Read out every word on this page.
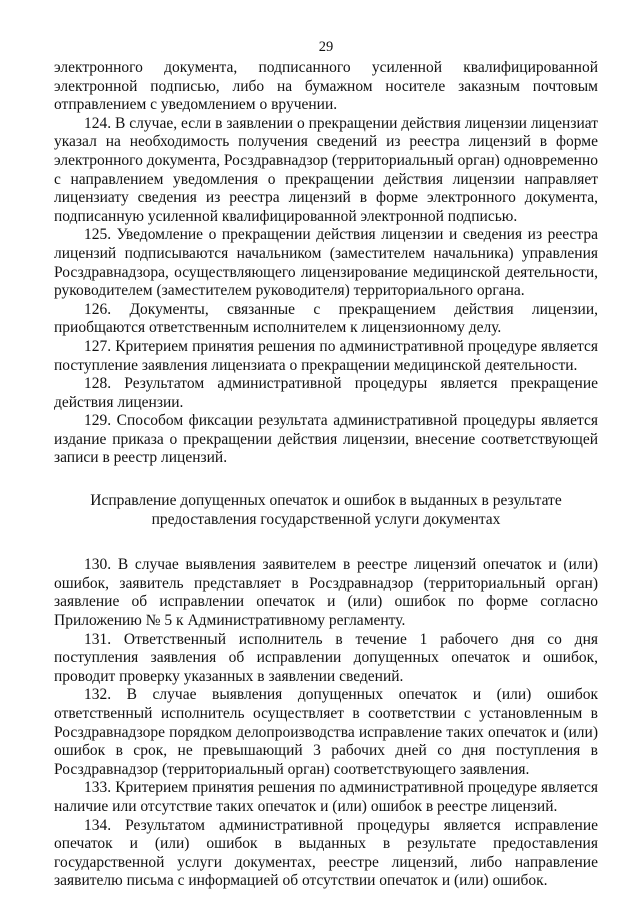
29

электронного документа, подписанного усиленной квалифицированной электронной подписью, либо на бумажном носителе заказным почтовым отправлением с уведомлением о вручении.

124. В случае, если в заявлении о прекращении действия лицензии лицензиат указал на необходимость получения сведений из реестра лицензий в форме электронного документа, Росздравнадзор (территориальный орган) одновременно с направлением уведомления о прекращении действия лицензии направляет лицензиату сведения из реестра лицензий в форме электронного документа, подписанную усиленной квалифицированной электронной подписью.

125. Уведомление о прекращении действия лицензии и сведения из реестра лицензий подписываются начальником (заместителем начальника) управления Росздравнадзора, осуществляющего лицензирование медицинской деятельности, руководителем (заместителем руководителя) территориального органа.

126. Документы, связанные с прекращением действия лицензии, приобщаются ответственным исполнителем к лицензионному делу.

127. Критерием принятия решения по административной процедуре является поступление заявления лицензиата о прекращении медицинской деятельности.

128. Результатом административной процедуры является прекращение действия лицензии.

129. Способом фиксации результата административной процедуры является издание приказа о прекращении действия лицензии, внесение соответствующей записи в реестр лицензий.

Исправление допущенных опечаток и ошибок в выданных в результате
предоставления государственной услуги документах

130. В случае выявления заявителем в реестре лицензий опечаток и (или) ошибок, заявитель представляет в Росздравнадзор (территориальный орган) заявление об исправлении опечаток и (или) ошибок по форме согласно Приложению № 5 к Административному регламенту.

131. Ответственный исполнитель в течение 1 рабочего дня со дня поступления заявления об исправлении допущенных опечаток и ошибок, проводит проверку указанных в заявлении сведений.

132. В случае выявления допущенных опечаток и (или) ошибок ответственный исполнитель осуществляет в соответствии с установленным в Росздравнадзоре порядком делопроизводства исправление таких опечаток и (или) ошибок в срок, не превышающий 3 рабочих дней со дня поступления в Росздравнадзор (территориальный орган) соответствующего заявления.

133. Критерием принятия решения по административной процедуре является наличие или отсутствие таких опечаток и (или) ошибок в реестре лицензий.

134. Результатом административной процедуры является исправление опечаток и (или) ошибок в выданных в результате предоставления государственной услуги документах, реестре лицензий, либо направление заявителю письма с информацией об отсутствии опечаток и (или) ошибок.
